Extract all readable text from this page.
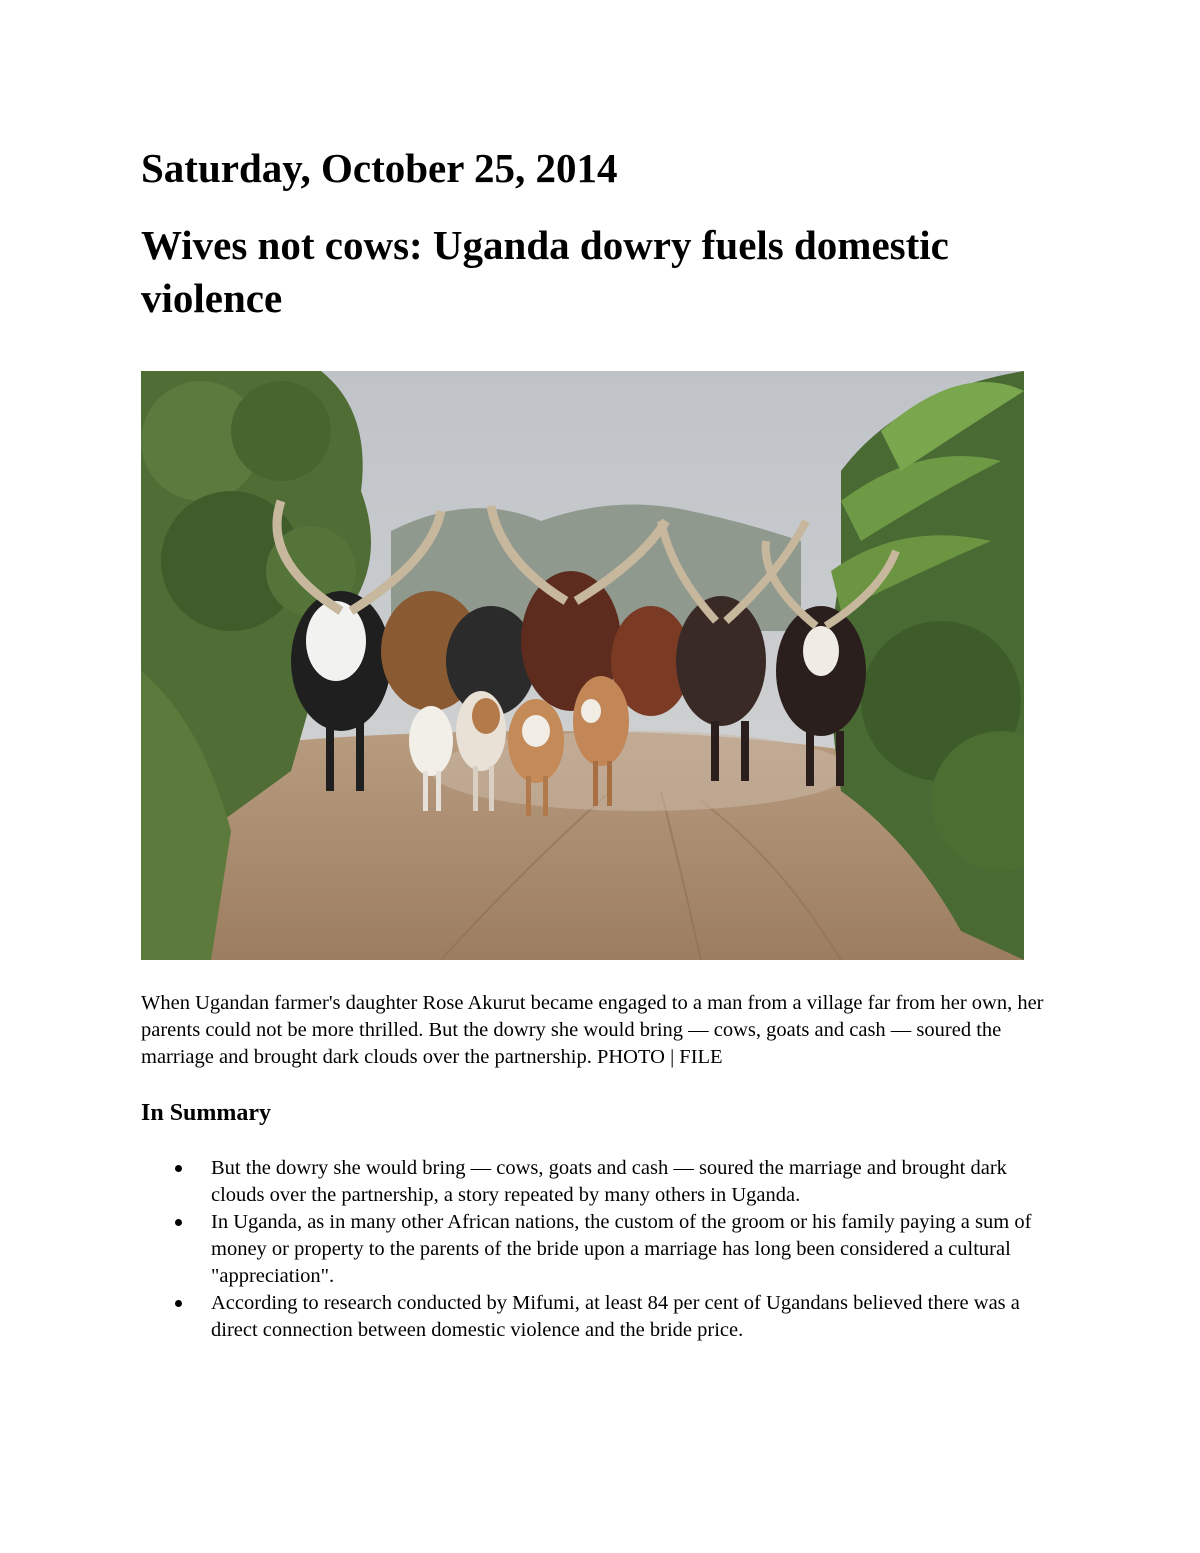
Saturday, October 25, 2014
Wives not cows: Uganda dowry fuels domestic violence

When Ugandan farmer's daughter Rose Akurut became engaged to a man from a village far from her own, her parents could not be more thrilled. But the dowry she would bring — cows, goats and cash — soured the marriage and brought dark clouds over the partnership. PHOTO | FILE

In Summary
But the dowry she would bring — cows, goats and cash — soured the marriage and brought dark clouds over the partnership, a story repeated by many others in Uganda.
In Uganda, as in many other African nations, the custom of the groom or his family paying a sum of money or property to the parents of the bride upon a marriage has long been considered a cultural "appreciation".
According to research conducted by Mifumi, at least 84 per cent of Ugandans believed there was a direct connection between domestic violence and the bride price.
